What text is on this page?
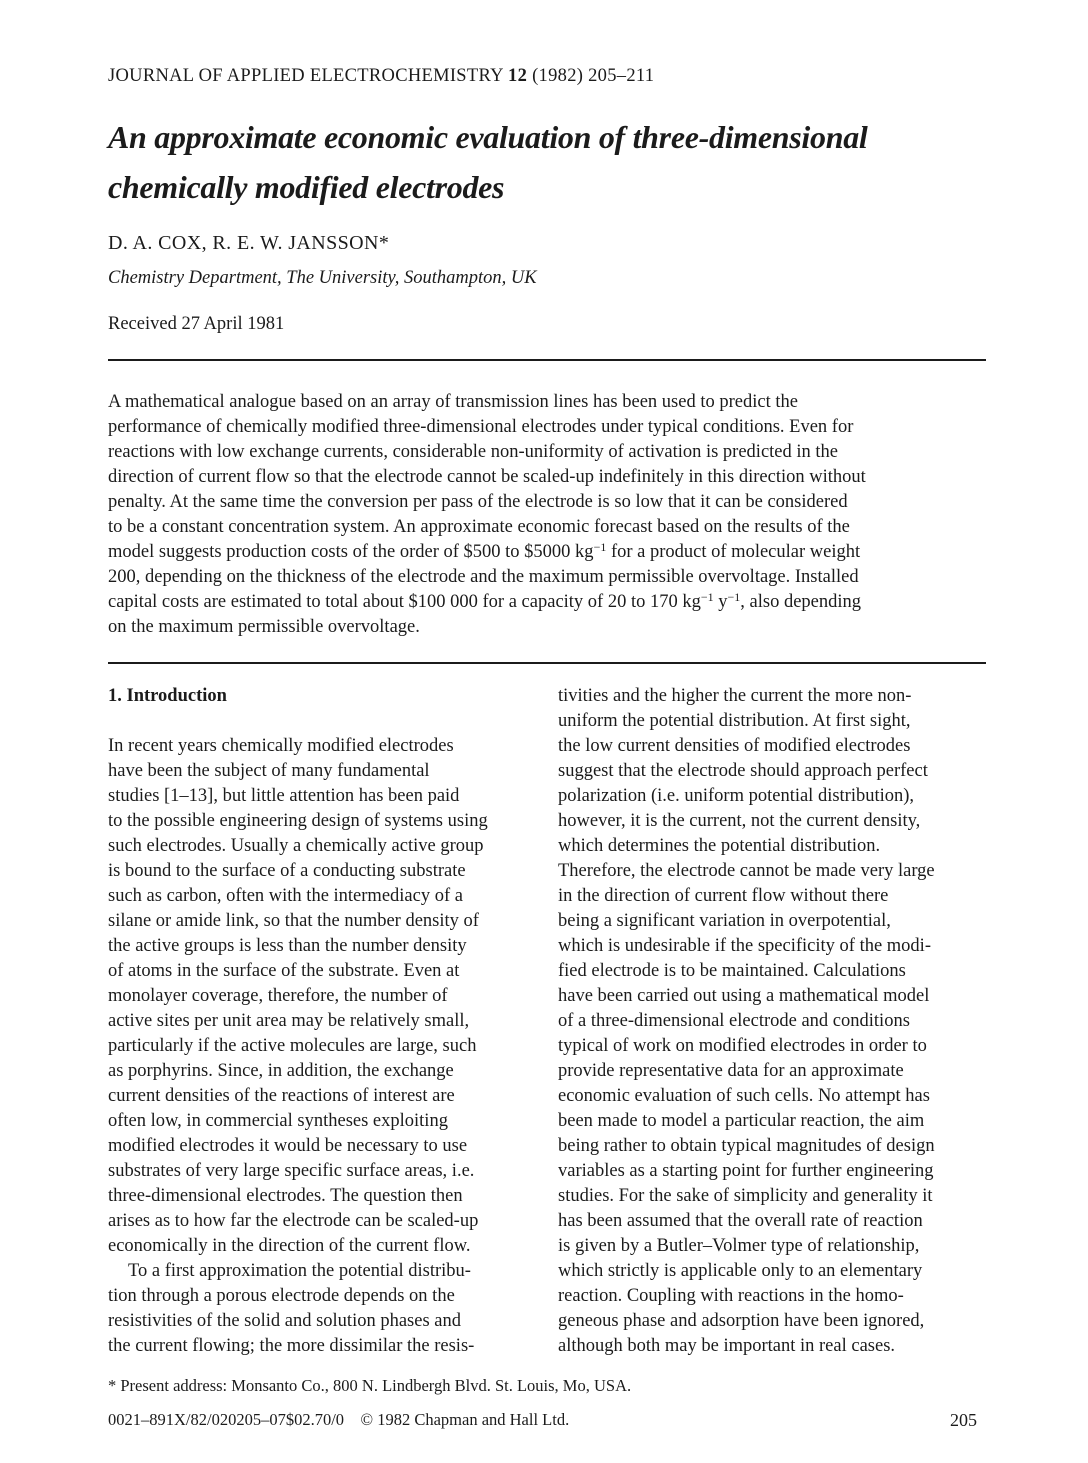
JOURNAL OF APPLIED ELECTROCHEMISTRY 12 (1982) 205–211
An approximate economic evaluation of three-dimensional
chemically modified electrodes
D. A. COX, R. E. W. JANSSON*
Chemistry Department, The University, Southampton, UK
Received 27 April 1981
A mathematical analogue based on an array of transmission lines has been used to predict the
performance of chemically modified three-dimensional electrodes under typical conditions. Even for
reactions with low exchange currents, considerable non-uniformity of activation is predicted in the
direction of current flow so that the electrode cannot be scaled-up indefinitely in this direction without
penalty. At the same time the conversion per pass of the electrode is so low that it can be considered
to be a constant concentration system. An approximate economic forecast based on the results of the
model suggests production costs of the order of $500 to $5000 $kg^{-1}$ for a product of molecular weight
200, depending on the thickness of the electrode and the maximum permissible overvoltage. Installed
capital costs are estimated to total about $100 000 for a capacity of 20 to 170 $kg^{-1}$ $y^{-1}$, also depending
on the maximum permissible overvoltage.
1. Introduction
In recent years chemically modified electrodes
have been the subject of many fundamental
studies [1–13], but little attention has been paid
to the possible engineering design of systems using
such electrodes. Usually a chemically active group
is bound to the surface of a conducting substrate
such as carbon, often with the intermediacy of a
silane or amide link, so that the number density of
the active groups is less than the number density
of atoms in the surface of the substrate. Even at
monolayer coverage, therefore, the number of
active sites per unit area may be relatively small,
particularly if the active molecules are large, such
as porphyrins. Since, in addition, the exchange
current densities of the reactions of interest are
often low, in commercial syntheses exploiting
modified electrodes it would be necessary to use
substrates of very large specific surface areas, i.e.
three-dimensional electrodes. The question then
arises as to how far the electrode can be scaled-up
economically in the direction of the current flow.
To a first approximation the potential distribu-
tion through a porous electrode depends on the
resistivities of the solid and solution phases and
the current flowing; the more dissimilar the resis-
tivities and the higher the current the more non-
uniform the potential distribution. At first sight,
the low current densities of modified electrodes
suggest that the electrode should approach perfect
polarization (i.e. uniform potential distribution),
however, it is the current, not the current density,
which determines the potential distribution.
Therefore, the electrode cannot be made very large
in the direction of current flow without there
being a significant variation in overpotential,
which is undesirable if the specificity of the modi-
fied electrode is to be maintained. Calculations
have been carried out using a mathematical model
of a three-dimensional electrode and conditions
typical of work on modified electrodes in order to
provide representative data for an approximate
economic evaluation of such cells. No attempt has
been made to model a particular reaction, the aim
being rather to obtain typical magnitudes of design
variables as a starting point for further engineering
studies. For the sake of simplicity and generality it
has been assumed that the overall rate of reaction
is given by a Butler–Volmer type of relationship,
which strictly is applicable only to an elementary
reaction. Coupling with reactions in the homo-
geneous phase and adsorption have been ignored,
although both may be important in real cases.
* Present address: Monsanto Co., 800 N. Lindbergh Blvd. St. Louis, Mo, USA.
0021–891X/82/020205–07$02.70/0 © 1982 Chapman and Hall Ltd.	205
